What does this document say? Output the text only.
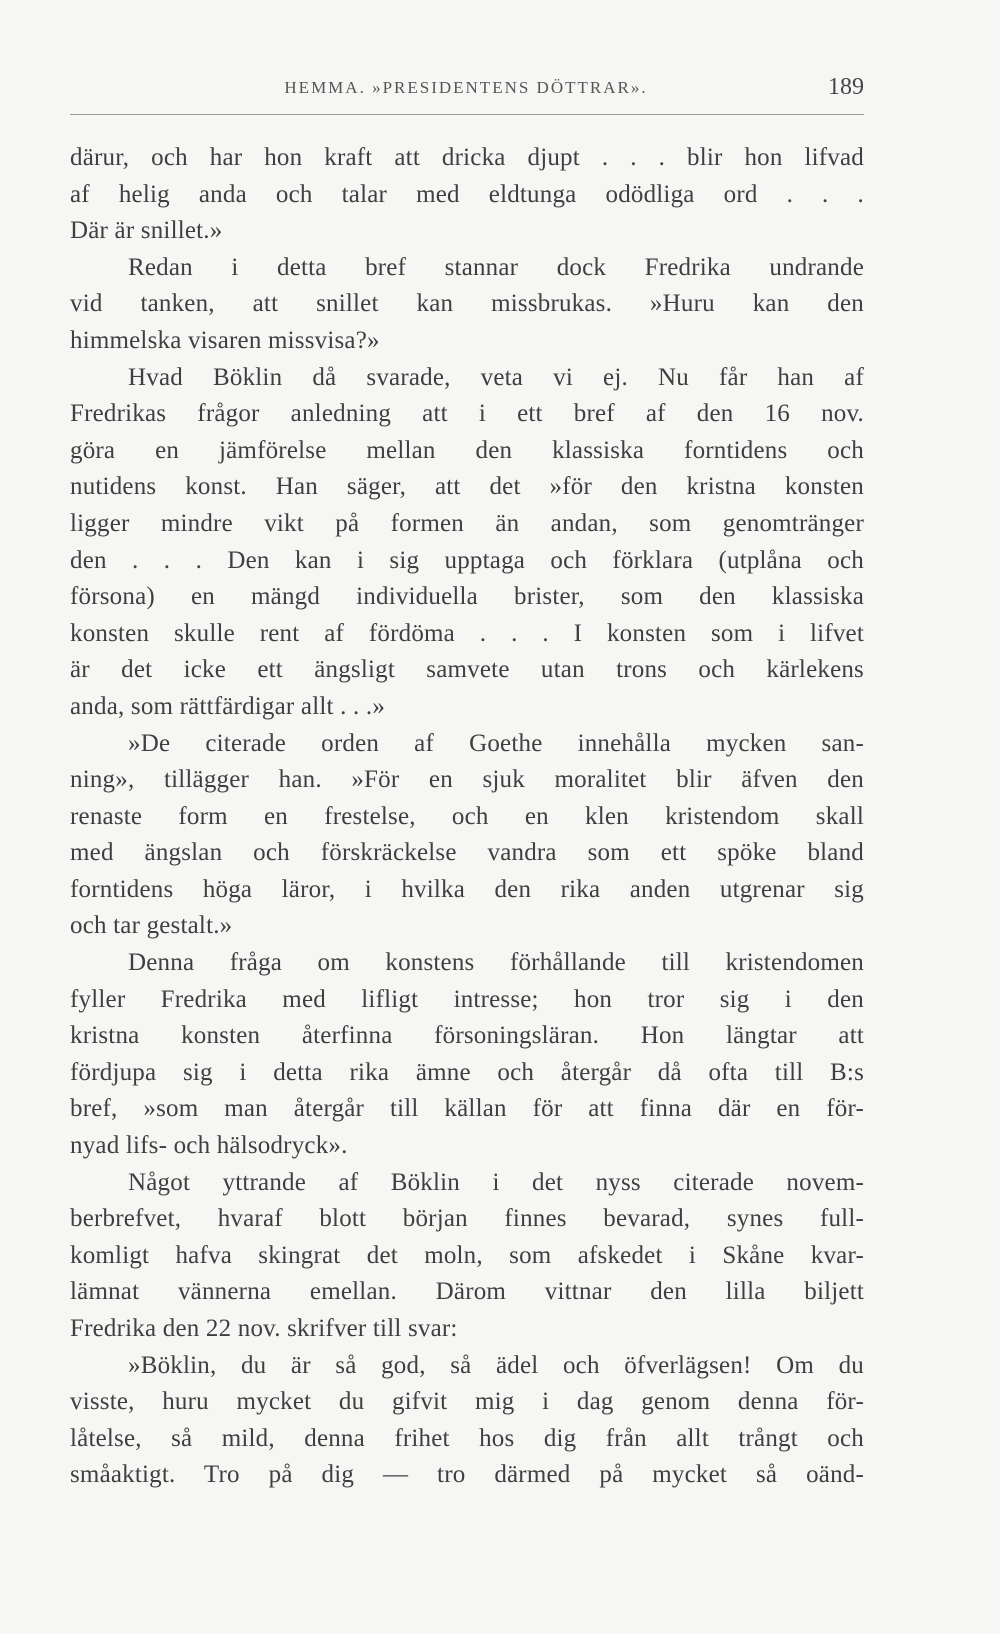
HEMMA. »PRESIDENTENS DÖTTRAR».	189
därur, och har hon kraft att dricka djupt . . . blir hon lifvad
af helig anda och talar med eldtunga odödliga ord . . .
Där är snillet.»
Redan i detta bref stannar dock Fredrika undrande
vid tanken, att snillet kan missbrukas. »Huru kan den
himmelska visaren missvisa?»
Hvad Böklin då svarade, veta vi ej. Nu får han af
Fredrikas frågor anledning att i ett bref af den 16 nov.
göra en jämförelse mellan den klassiska forntidens och
nutidens konst. Han säger, att det »för den kristna konsten
ligger mindre vikt på formen än andan, som genomtränger
den . . . Den kan i sig upptaga och förklara (utplåna och
försona) en mängd individuella brister, som den klassiska
konsten skulle rent af fördöma . . . I konsten som i lifvet
är det icke ett ängsligt samvete utan trons och kärlekens
anda, som rättfärdigar allt . . .»
»De citerade orden af Goethe innehålla mycken san-
ning», tillägger han. »För en sjuk moralitet blir äfven den
renaste form en frestelse, och en klen kristendom skall
med ängslan och förskräckelse vandra som ett spöke bland
forntidens höga läror, i hvilka den rika anden utgrenar sig
och tar gestalt.»
Denna fråga om konstens förhållande till kristendomen
fyller Fredrika med lifligt intresse; hon tror sig i den
kristna konsten återfinna försoningsläran. Hon längtar att
fördjupa sig i detta rika ämne och återgår då ofta till B:s
bref, »som man återgår till källan för att finna där en för-
nyad lifs- och hälsodryck».
Något yttrande af Böklin i det nyss citerade novem-
berbrefvet, hvaraf blott början finnes bevarad, synes full-
komligt hafva skingrat det moln, som afskedet i Skåne kvar-
lämnat vännerna emellan. Därom vittnar den lilla biljett
Fredrika den 22 nov. skrifver till svar:
»Böklin, du är så god, så ädel och öfverlägsen! Om du
visste, huru mycket du gifvit mig i dag genom denna för-
låtelse, så mild, denna frihet hos dig från allt trångt och
småaktigt. Tro på dig — tro därmed på mycket så oänd-
